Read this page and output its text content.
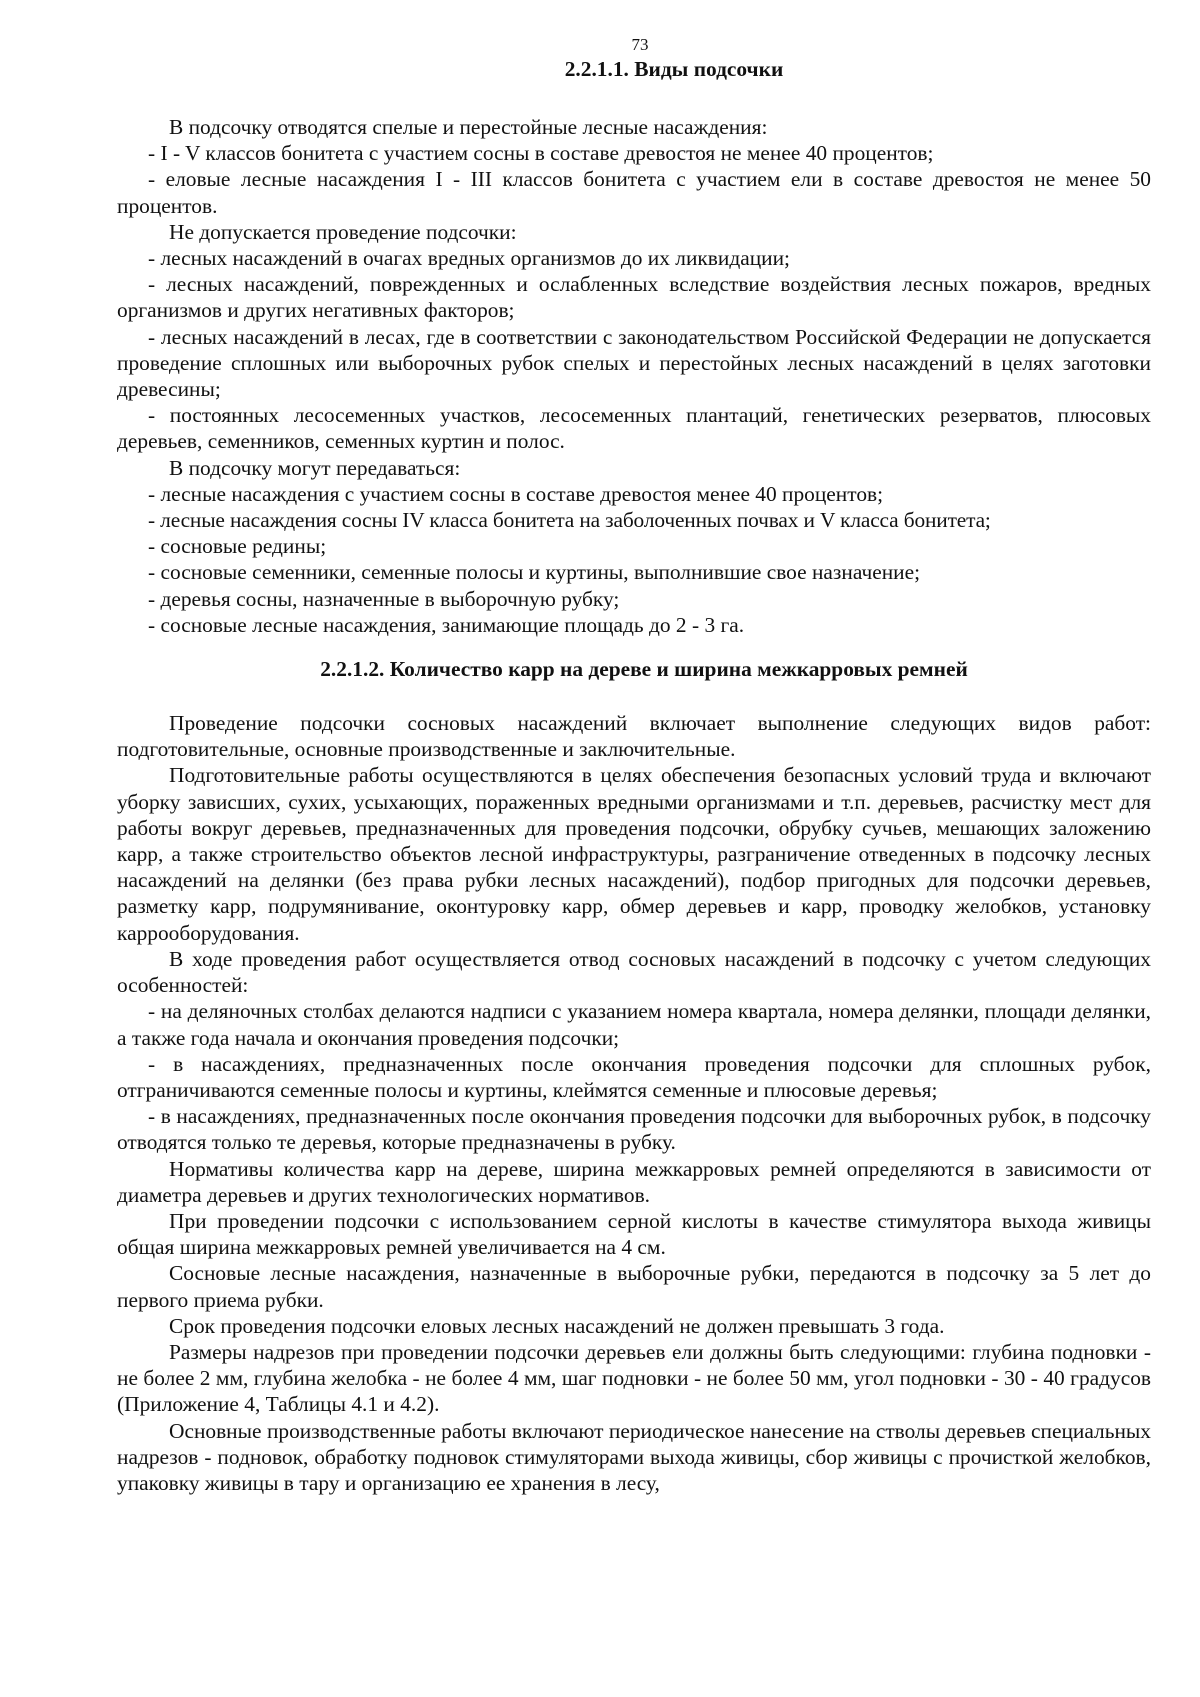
73
2.2.1.1. Виды подсочки

В подсочку отводятся спелые и перестойные лесные насаждения:

- I - V классов бонитета с участием сосны в составе древостоя не менее 40 процентов;

- еловые лесные насаждения I - III классов бонитета с участием ели в составе древостоя не менее 50 процентов.

Не допускается проведение подсочки:

- лесных насаждений в очагах вредных организмов до их ликвидации;

- лесных насаждений, поврежденных и ослабленных вследствие воздействия лесных пожаров, вредных организмов и других негативных факторов;

- лесных насаждений в лесах, где в соответствии с законодательством Российской Федерации не допускается проведение сплошных или выборочных рубок спелых и перестойных лесных насаждений в целях заготовки древесины;

- постоянных лесосеменных участков, лесосеменных плантаций, генетических резерватов, плюсовых деревьев, семенников, семенных куртин и полос.

В подсочку могут передаваться:

- лесные насаждения с участием сосны в составе древостоя менее 40 процентов;

- лесные насаждения сосны IV класса бонитета на заболоченных почвах и V класса бонитета;

- сосновые редины;

- сосновые семенники, семенные полосы и куртины, выполнившие свое назначение;

- деревья сосны, назначенные в выборочную рубку;

- сосновые лесные насаждения, занимающие площадь до 2 - 3 га.

2.2.1.2. Количество карр на дереве и ширина межкарровых ремней

Проведение подсочки сосновых насаждений включает выполнение следующих видов работ: подготовительные, основные производственные и заключительные.

Подготовительные работы осуществляются в целях обеспечения безопасных условий труда и включают уборку зависших, сухих, усыхающих, пораженных вредными организмами и т.п. деревьев, расчистку мест для работы вокруг деревьев, предназначенных для проведения подсочки, обрубку сучьев, мешающих заложению карр, а также строительство объектов лесной инфраструктуры, разграничение отведенных в подсочку лесных насаждений на делянки (без права рубки лесных насаждений), подбор пригодных для подсочки деревьев, разметку карр, подрумянивание, оконтуровку карр, обмер деревьев и карр, проводку желобков, установку каррооборудования.

В ходе проведения работ осуществляется отвод сосновых насаждений в подсочку с учетом следующих особенностей:

- на деляночных столбах делаются надписи с указанием номера квартала, номера делянки, площади делянки, а также года начала и окончания проведения подсочки;

- в насаждениях, предназначенных после окончания проведения подсочки для сплошных рубок, отграничиваются семенные полосы и куртины, клеймятся семенные и плюсовые деревья;

- в насаждениях, предназначенных после окончания проведения подсочки для выборочных рубок, в подсочку отводятся только те деревья, которые предназначены в рубку.

Нормативы количества карр на дереве, ширина межкарровых ремней определяются в зависимости от диаметра деревьев и других технологических нормативов.

При проведении подсочки с использованием серной кислоты в качестве стимулятора выхода живицы общая ширина межкарровых ремней увеличивается на 4 см.

Сосновые лесные насаждения, назначенные в выборочные рубки, передаются в подсочку за 5 лет до первого приема рубки.

Срок проведения подсочки еловых лесных насаждений не должен превышать 3 года.

Размеры надрезов при проведении подсочки деревьев ели должны быть следующими: глубина подновки - не более 2 мм, глубина желобка - не более 4 мм, шаг подновки - не более 50 мм, угол подновки - 30 - 40 градусов (Приложение 4, Таблицы 4.1 и 4.2).

Основные производственные работы включают периодическое нанесение на стволы деревьев специальных надрезов - подновок, обработку подновок стимуляторами выхода живицы, сбор живицы с прочисткой желобков, упаковку живицы в тару и организацию ее хранения в лесу,
